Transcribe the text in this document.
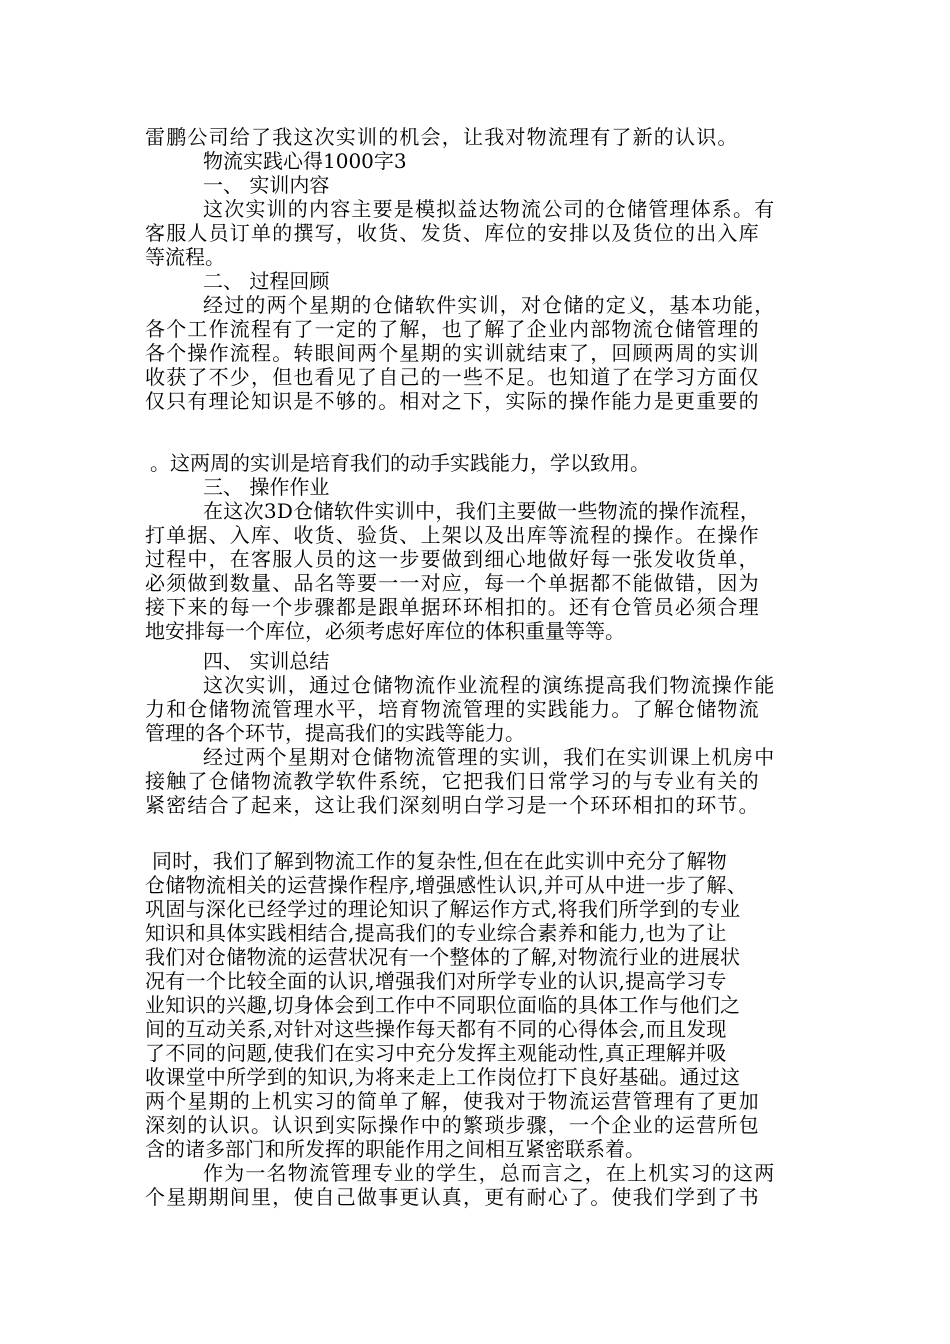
雷鹏公司给了我这次实训的机会，让我对物流理有了新的认识。
物流实践心得1000字3
一、 实训内容
这次实训的内容主要是模拟益达物流公司的仓储管理体系。有
客服人员订单的撰写，收货、发货、库位的安排以及货位的出入库
等流程。
二、 过程回顾
经过的两个星期的仓储软件实训，对仓储的定义，基本功能，
各个工作流程有了一定的了解，也了解了企业内部物流仓储管理的
各个操作流程。转眼间两个星期的实训就结束了，回顾两周的实训
收获了不少，但也看见了自己的一些不足。也知道了在学习方面仅
仅只有理论知识是不够的。相对之下，实际的操作能力是更重要的
。这两周的实训是培育我们的动手实践能力，学以致用。
三、 操作作业
在这次3D仓储软件实训中，我们主要做一些物流的操作流程，
打单据、入库、收货、验货、上架以及出库等流程的操作。在操作
过程中，在客服人员的这一步要做到细心地做好每一张发收货单，
必须做到数量、品名等要一一对应，每一个单据都不能做错，因为
接下来的每一个步骤都是跟单据环环相扣的。还有仓管员必须合理
地安排每一个库位，必须考虑好库位的体积重量等等。
四、 实训总结
这次实训，通过仓储物流作业流程的演练提高我们物流操作能
力和仓储物流管理水平，培育物流管理的实践能力。了解仓储物流
管理的各个环节，提高我们的实践等能力。
经过两个星期对仓储物流管理的实训，我们在实训课上机房中
接触了仓储物流教学软件系统，它把我们日常学习的与专业有关的
紧密结合了起来，这让我们深刻明白学习是一个环环相扣的环节。
同时，我们了解到物流工作的复杂性,但在在此实训中充分了解物
仓储物流相关的运营操作程序,增强感性认识,并可从中进一步了解、
巩固与深化已经学过的理论知识了解运作方式,将我们所学到的专业
知识和具体实践相结合,提高我们的专业综合素养和能力,也为了让
我们对仓储物流的运营状况有一个整体的了解,对物流行业的进展状
况有一个比较全面的认识,增强我们对所学专业的认识,提高学习专
业知识的兴趣,切身体会到工作中不同职位面临的具体工作与他们之
间的互动关系,对针对这些操作每天都有不同的心得体会,而且发现
了不同的问题,使我们在实习中充分发挥主观能动性,真正理解并吸
收课堂中所学到的知识,为将来走上工作岗位打下良好基础。通过这
两个星期的上机实习的简单了解，使我对于物流运营管理有了更加
深刻的认识。认识到实际操作中的繁琐步骤，一个企业的运营所包
含的诸多部门和所发挥的职能作用之间相互紧密联系着。
作为一名物流管理专业的学生，总而言之，在上机实习的这两
个星期期间里，使自己做事更认真，更有耐心了。使我们学到了书
